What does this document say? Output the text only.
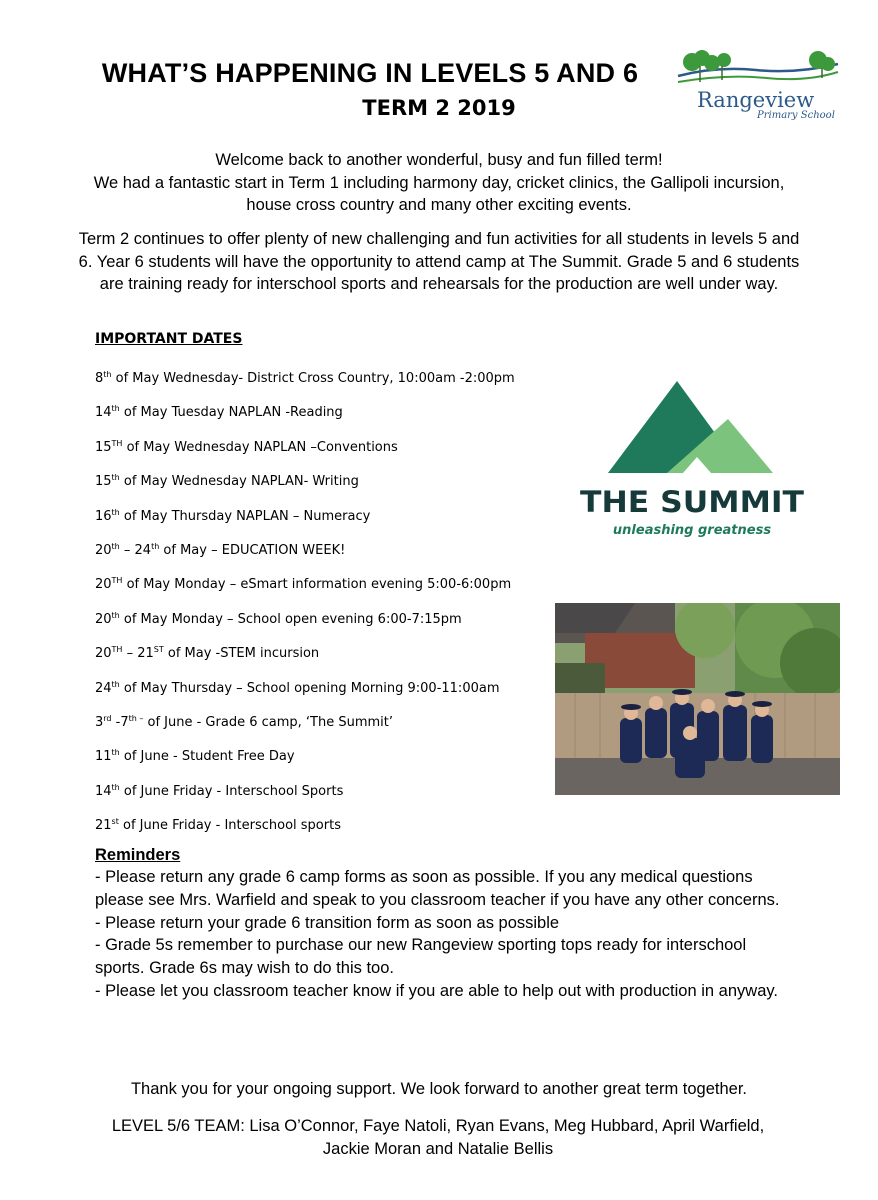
WHAT’S HAPPENING IN LEVELS 5 AND 6
TERM 2 2019	Rangeview
Primary School
Welcome back to another wonderful, busy and fun filled term!
We had a fantastic start in Term 1 including harmony day, cricket clinics, the Gallipoli incursion, house cross country and many other exciting events.

Term 2 continues to offer plenty of new challenging and fun activities for all students in levels 5 and 6. Year 6 students will have the opportunity to attend camp at The Summit. Grade 5 and 6 students are training ready for interschool sports and rehearsals for the production are well under way.

IMPORTANT DATES
8th of May Wednesday- District Cross Country, 10:00am -2:00pm
14th of May Tuesday NAPLAN -Reading
15TH of May Wednesday NAPLAN –Conventions
15th of May Wednesday NAPLAN- Writing
16th of May Thursday NAPLAN – Numeracy
20th – 24th of May – EDUCATION WEEK!
20TH of May Monday – eSmart information evening 5:00-6:00pm
20th of May Monday – School open evening 6:00-7:15pm
20TH – 21ST of May -STEM incursion
24th of May Thursday – School opening Morning 9:00-11:00am
3rd $-7^{th -}$ of June - Grade 6 camp, ‘The Summit’
11th of June - Student Free Day
14th of June Friday - Interschool Sports
21st of June Friday - Interschool sports
THE SUMMIT
unleashing greatness
Reminders

- Please return any grade 6 camp forms as soon as possible. If you any medical questions please see Mrs. Warfield and speak to you classroom teacher if you have any other concerns.

- Please return your grade 6 transition form as soon as possible

- Grade 5s remember to purchase our new Rangeview sporting tops ready for interschool sports. Grade 6s may wish to do this too.

- Please let you classroom teacher know if you are able to help out with production in anyway.

Thank you for your ongoing support. We look forward to another great term together.
LEVEL 5/6 TEAM: Lisa O’Connor, Faye Natoli, Ryan Evans, Meg Hubbard, April Warfield, Jackie Moran and Natalie Bellis
